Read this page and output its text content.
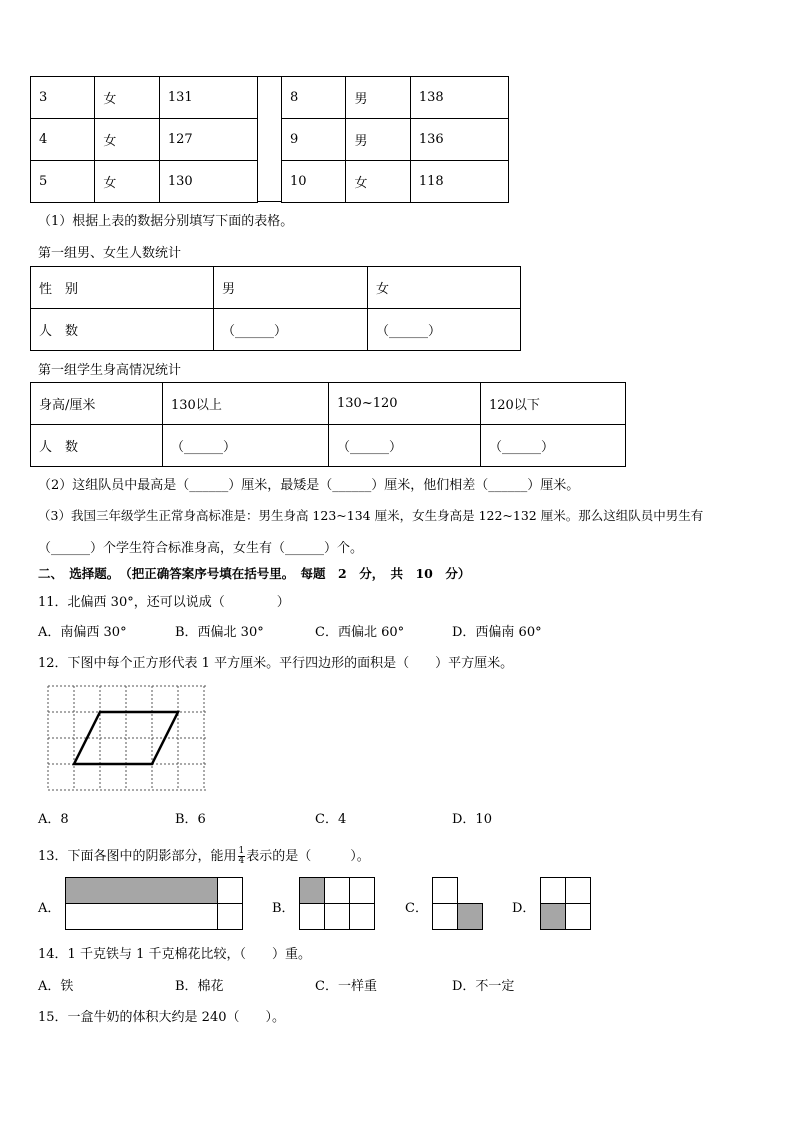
3	女	131
4	女	127
5	女	130
8	男	138
9	男	136
10	女	118
（1）根据上表的数据分别填写下面的表格。
第一组男、女生人数统计
性　别	男	女
人　数	（______）	（______）
第一组学生身高情况统计
身高/厘米	130以上	130~120	120以下
人　数	（______）	（______）	（______）
（2）这组队员中最高是（______）厘米，最矮是（______）厘米，他们相差（______）厘米。
（3）我国三年级学生正常身高标准是：男生身高 123~134 厘米，女生身高是 122~132 厘米。那么这组队员中男生有
（______）个学生符合标准身高，女生有（______）个。
二、　选择题。　（把正确答案序号填在括号里。　每题　2　分，　共　10　分）
11．北偏西 30°，还可以说成（　　　　）
A．南偏西 30°	B．西偏北 30°	C．西偏北 60°	D．西偏南 60°
12．下图中每个正方形代表 1 平方厘米。平行四边形的面积是（　　）平方厘米。
A．8	B．6	C．4	D．10
13．下面各图中的阴影部分，能用 $\frac{1}{4}$ 表示的是（　　　）。
A．	B．	C．	D．
14．1 千克铁与 1 千克棉花比较，（　　）重。
A．铁	B．棉花	C．一样重	D．不一定
15．一盒牛奶的体积大约是 240（　　）。
